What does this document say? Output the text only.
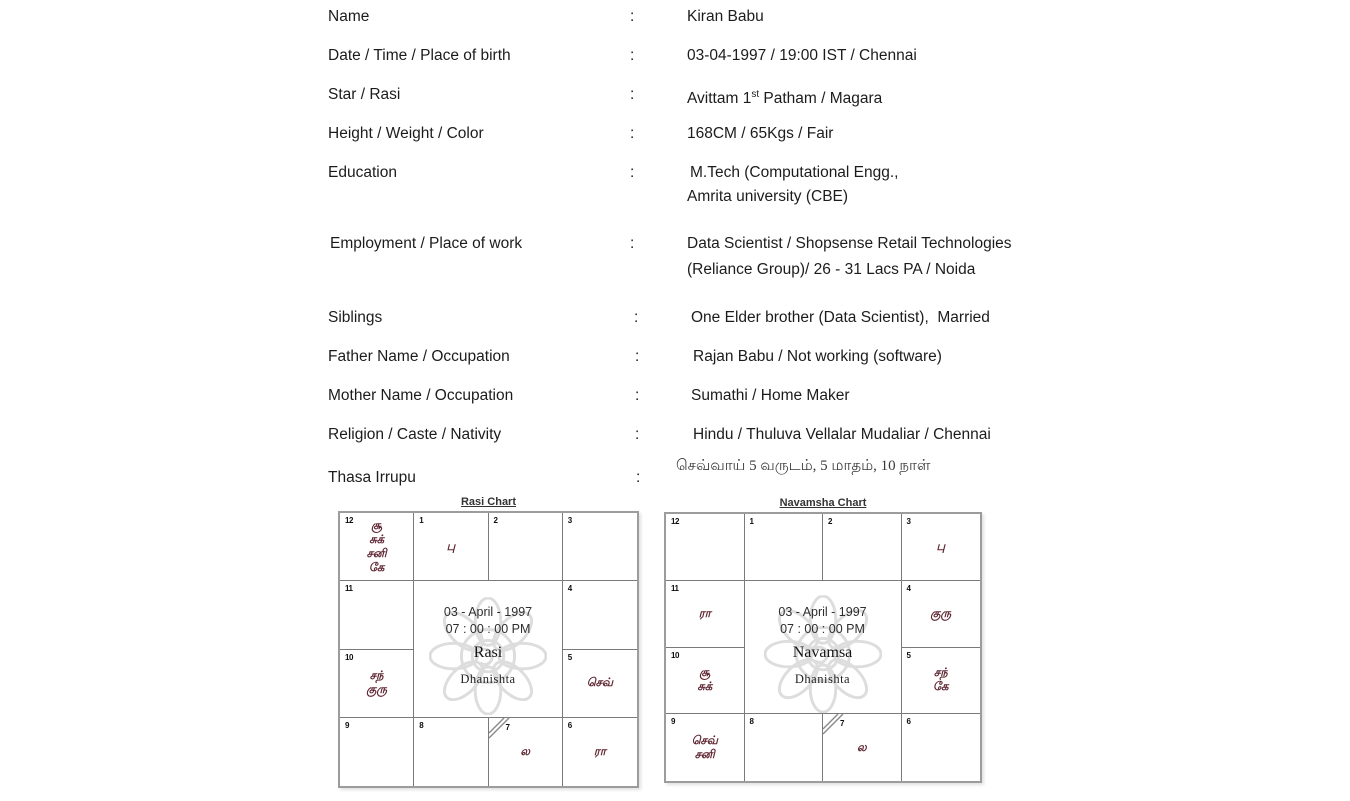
Name	:	Kiran Babu
Date / Time / Place of birth	:	03-04-1997 / 19:00 IST / Chennai
Star / Rasi	:	Avittam 1st Patham / Magara
Height / Weight / Color	:	168CM / 65Kgs / Fair
Education	:	M.Tech (Computational Engg.,
Amrita university (CBE)
Employment / Place of work	:	Data Scientist / Shopsense Retail Technologies
(Reliance Group)/ 26 - 31 Lacs PA / Noida
Siblings	:	One Elder brother (Data Scientist),  Married
Father Name / Occupation	:	Rajan Babu / Not working (software)
Mother Name / Occupation	:	Sumathi / Home Maker
Religion / Caste / Nativity	:	Hindu / Thuluva Vellalar Mudaliar / Chennai
Thasa Irrupu	:
செவ்வாய் 5 வருடம், 5 மாதம், 10 நாள்
Rasi Chart
12 சூ
சுக்
சனி
கே
1
பு
2	3
11
03 - April - 1997
07 : 00 : 00 PM
Rasi
Dhanishta
4
10
சந்
குரு
5
செவ்
9	8	7
ல
6
ரா
Navamsha Chart
12	1	2	3
பு
11
ரா	03 - April - 1997
07 : 00 : 00 PM
Navamsa
Dhanishta
4
குரு
10
சூ
சுக்
5
சந்
கே
9
செவ்
சனி
8	7
ல
6
